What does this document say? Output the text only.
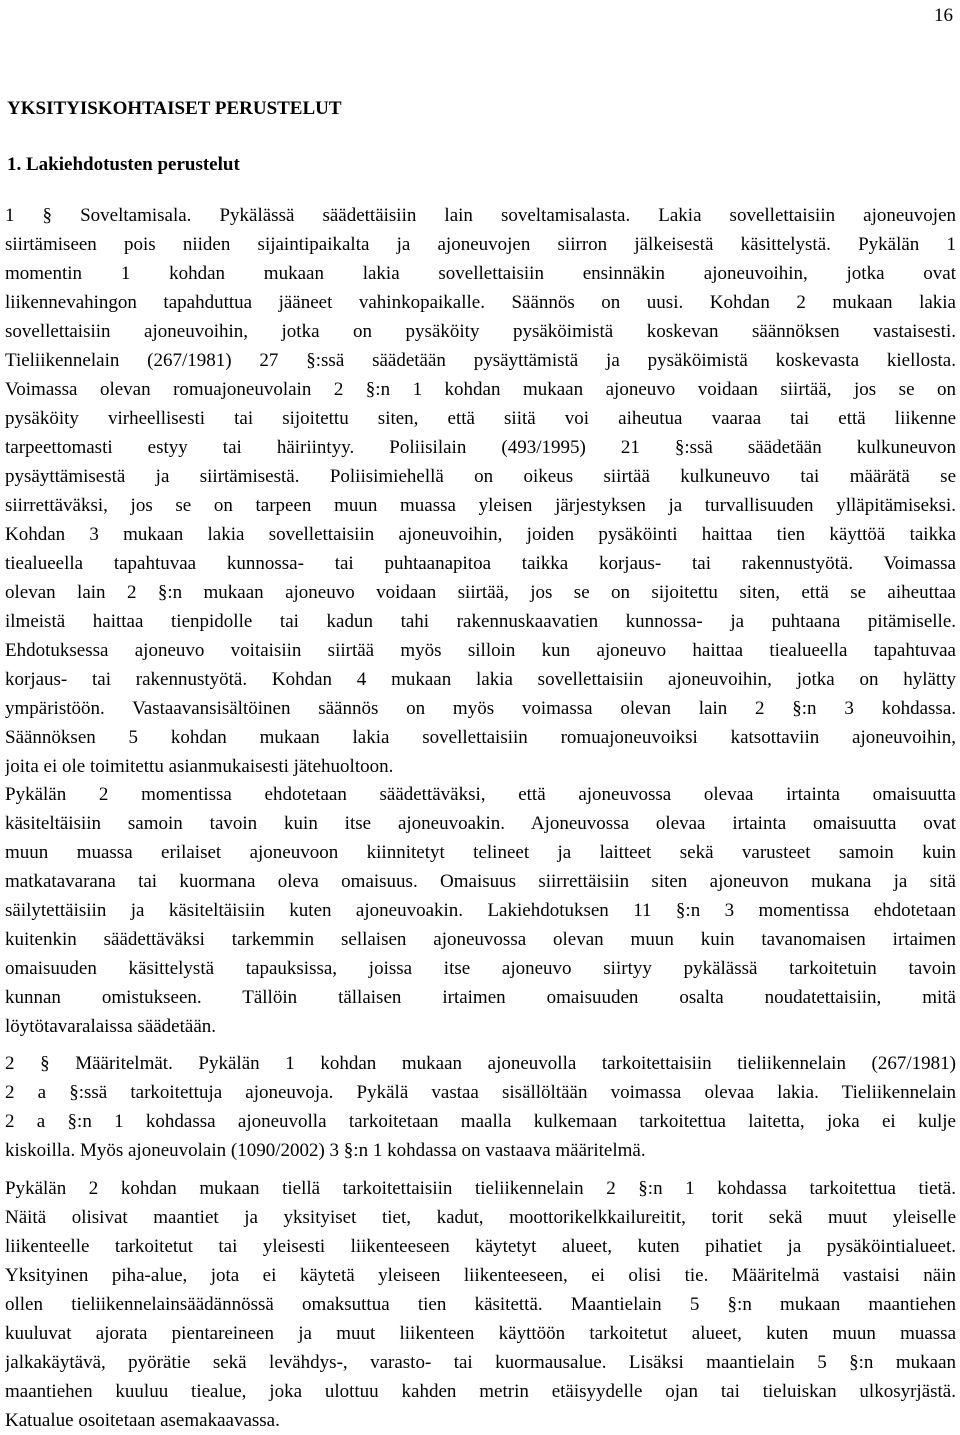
16
YKSITYISKOHTAISET PERUSTELUT
1. Lakiehdotusten perustelut
1 § Soveltamisala. Pykälässä säädettäisiin lain soveltamisalasta. Lakia sovellettaisiin ajoneuvojen
siirtämiseen pois niiden sijaintipaikalta ja ajoneuvojen siirron jälkeisestä käsittelystä. Pykälän 1
momentin 1 kohdan mukaan lakia sovellettaisiin ensinnäkin ajoneuvoihin, jotka ovat
liikennevahingon tapahduttua jääneet vahinkopaikalle. Säännös on uusi. Kohdan 2 mukaan lakia
sovellettaisiin ajoneuvoihin, jotka on pysäköity pysäköimistä koskevan säännöksen vastaisesti.
Tieliikennelain (267/1981) 27 §:ssä säädetään pysäyttämistä ja pysäköimistä koskevasta kiellosta.
Voimassa olevan romuajoneuvolain 2 §:n 1 kohdan mukaan ajoneuvo voidaan siirtää, jos se on
pysäköity virheellisesti tai sijoitettu siten, että siitä voi aiheutua vaaraa tai että liikenne
tarpeettomasti estyy tai häiriintyy. Poliisilain (493/1995) 21 §:ssä säädetään kulkuneuvon
pysäyttämisestä ja siirtämisestä. Poliisimiehellä on oikeus siirtää kulkuneuvo tai määrätä se
siirrettäväksi, jos se on tarpeen muun muassa yleisen järjestyksen ja turvallisuuden ylläpitämiseksi.
Kohdan 3 mukaan lakia sovellettaisiin ajoneuvoihin, joiden pysäköinti haittaa tien käyttöä taikka
tiealueella tapahtuvaa kunnossa- tai puhtaanapitoa taikka korjaus- tai rakennustyötä. Voimassa
olevan lain 2 §:n mukaan ajoneuvo voidaan siirtää, jos se on sijoitettu siten, että se aiheuttaa
ilmeistä haittaa tienpidolle tai kadun tahi rakennuskaavatien kunnossa- ja puhtaana pitämiselle.
Ehdotuksessa ajoneuvo voitaisiin siirtää myös silloin kun ajoneuvo haittaa tiealueella tapahtuvaa
korjaus- tai rakennustyötä. Kohdan 4 mukaan lakia sovellettaisiin ajoneuvoihin, jotka on hylätty
ympäristöön. Vastaavansisältöinen säännös on myös voimassa olevan lain 2 §:n 3 kohdassa.
Säännöksen 5 kohdan mukaan lakia sovellettaisiin romuajoneuvoiksi katsottaviin ajoneuvoihin,
joita ei ole toimitettu asianmukaisesti jätehuoltoon.
Pykälän 2 momentissa ehdotetaan säädettäväksi, että ajoneuvossa olevaa irtainta omaisuutta
käsiteltäisiin samoin tavoin kuin itse ajoneuvoakin. Ajoneuvossa olevaa irtainta omaisuutta ovat
muun muassa erilaiset ajoneuvoon kiinnitetyt telineet ja laitteet sekä varusteet samoin kuin
matkatavarana tai kuormana oleva omaisuus. Omaisuus siirrettäisiin siten ajoneuvon mukana ja sitä
säilytettäisiin ja käsiteltäisiin kuten ajoneuvoakin. Lakiehdotuksen 11 §:n 3 momentissa ehdotetaan
kuitenkin säädettäväksi tarkemmin sellaisen ajoneuvossa olevan muun kuin tavanomaisen irtaimen
omaisuuden käsittelystä tapauksissa, joissa itse ajoneuvo siirtyy pykälässä tarkoitetuin tavoin
kunnan omistukseen. Tällöin tällaisen irtaimen omaisuuden osalta noudatettaisiin, mitä
löytötavaralaissa säädetään.
2 § Määritelmät. Pykälän 1 kohdan mukaan ajoneuvolla tarkoitettaisiin tieliikennelain (267/1981)
2 a §:ssä tarkoitettuja ajoneuvoja. Pykälä vastaa sisällöltään voimassa olevaa lakia. Tieliikennelain
2 a §:n 1 kohdassa ajoneuvolla tarkoitetaan maalla kulkemaan tarkoitettua laitetta, joka ei kulje
kiskoilla. Myös ajoneuvolain (1090/2002) 3 §:n 1 kohdassa on vastaava määritelmä.
Pykälän 2 kohdan mukaan tiellä tarkoitettaisiin tieliikennelain 2 §:n 1 kohdassa tarkoitettua tietä.
Näitä olisivat maantiet ja yksityiset tiet, kadut, moottorikelkkailureitit, torit sekä muut yleiselle
liikenteelle tarkoitetut tai yleisesti liikenteeseen käytetyt alueet, kuten pihatiet ja pysäköintialueet.
Yksityinen piha-alue, jota ei käytetä yleiseen liikenteeseen, ei olisi tie. Määritelmä vastaisi näin
ollen tieliikennelainsäädännössä omaksuttua tien käsitettä. Maantielain 5 §:n mukaan maantiehen
kuuluvat ajorata pientareineen ja muut liikenteen käyttöön tarkoitetut alueet, kuten muun muassa
jalkakäytävä, pyörätie sekä levähdys-, varasto- tai kuormausalue. Lisäksi maantielain 5 §:n mukaan
maantiehen kuuluu tiealue, joka ulottuu kahden metrin etäisyydelle ojan tai tieluiskan ulkosyrjästä.
Katualue osoitetaan asemakaavassa.
